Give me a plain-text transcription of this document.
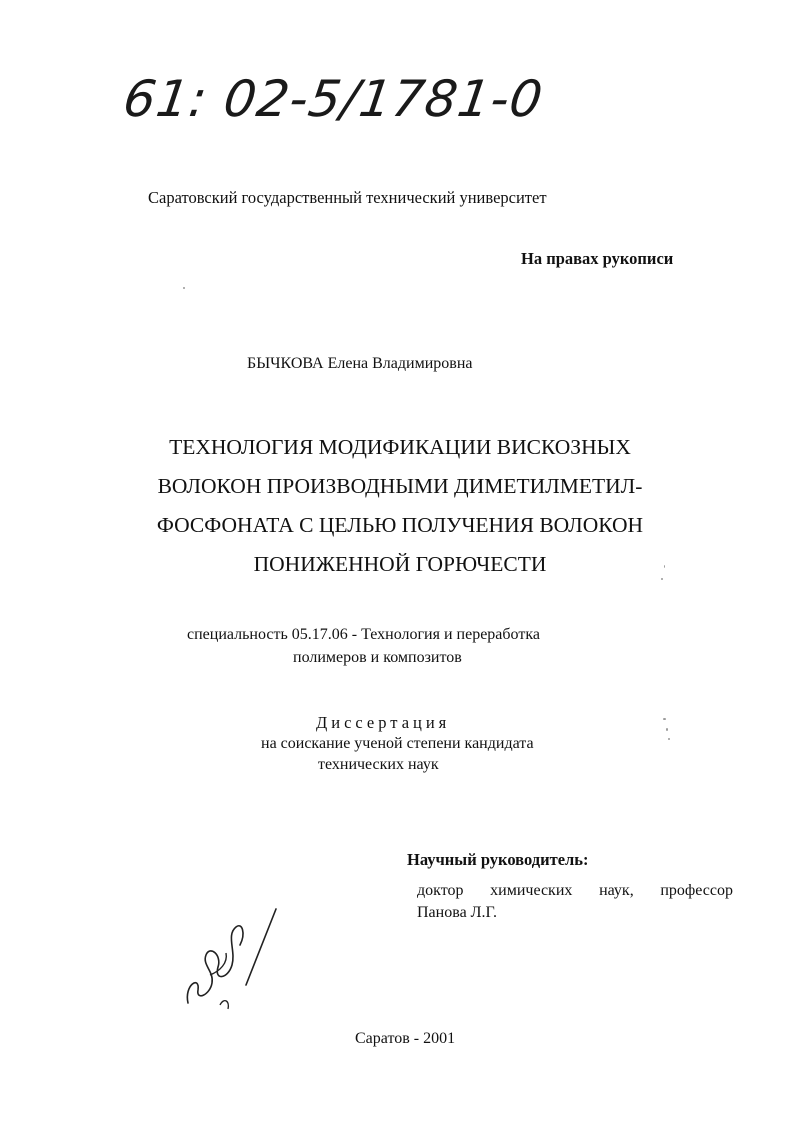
61: 02-5/1781-0
Саратовский государственный технический университет
На правах рукописи
БЫЧКОВА Елена Владимировна
ТЕХНОЛОГИЯ МОДИФИКАЦИИ ВИСКОЗНЫХ
ВОЛОКОН ПРОИЗВОДНЫМИ ДИМЕТИЛМЕТИЛ-
ФОСФОНАТА С ЦЕЛЬЮ ПОЛУЧЕНИЯ ВОЛОКОН
ПОНИЖЕННОЙ ГОРЮЧЕСТИ
специальность 05.17.06 - Технология и переработка
полимеров и композитов
Диссертация
на соискание ученой степени кандидата
технических наук
Научный руководитель:
доктор химических наук, профессор
Панова Л.Г.
Саратов - 2001
